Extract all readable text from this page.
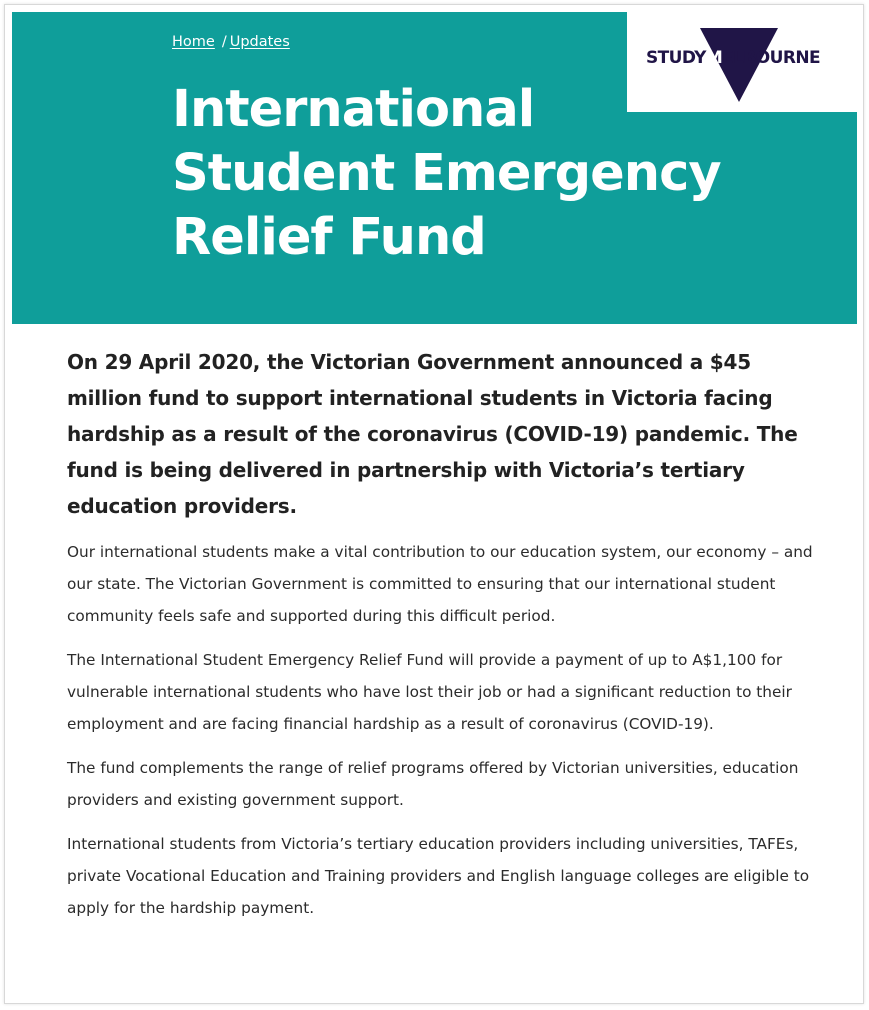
Home / Updates
International
Student Emergency
Relief Fund
STUDYMELBOURNE

On 29 April 2020, the Victorian Government announced a $45 million fund to support international students in Victoria facing hardship as a result of the coronavirus (COVID-19) pandemic. The fund is being delivered in partnership with Victoria’s tertiary education providers.

Our international students make a vital contribution to our education system, our economy – and our state. The Victorian Government is committed to ensuring that our international student community feels safe and supported during this difficult period.

The International Student Emergency Relief Fund will provide a payment of up to A$1,100 for vulnerable international students who have lost their job or had a significant reduction to their employment and are facing financial hardship as a result of coronavirus (COVID-19).

The fund complements the range of relief programs offered by Victorian universities, education providers and existing government support.

International students from Victoria’s tertiary education providers including universities, TAFEs, private Vocational Education and Training providers and English language colleges are eligible to apply for the hardship payment.
